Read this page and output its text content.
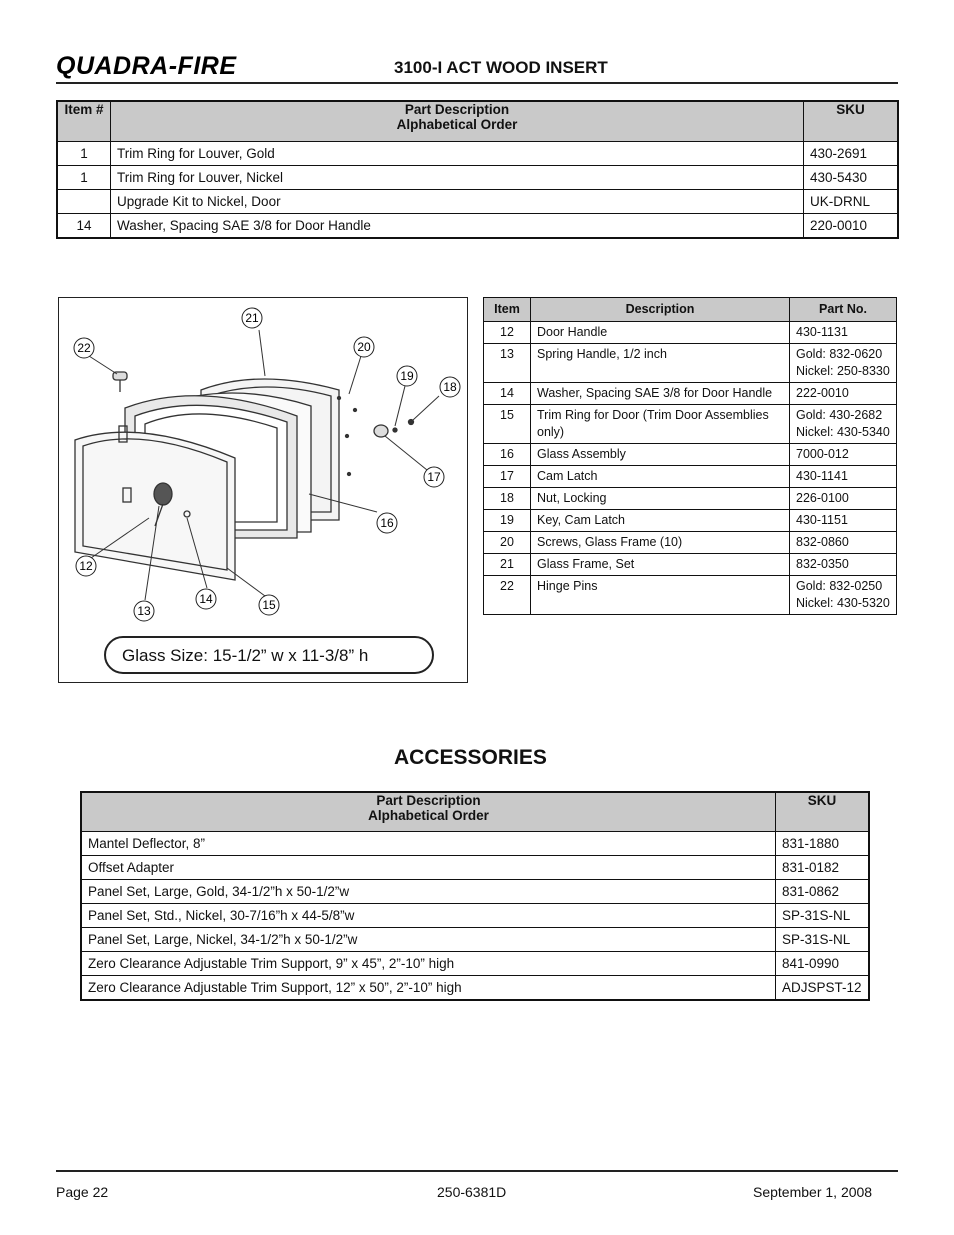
QUADRA-FIRE	3100-I ACT WOOD INSERT
Item #	Part Description
Alphabetical Order	SKU
1	Trim Ring for Louver, Gold	430-2691
1	Trim Ring for Louver, Nickel	430-5430
	Upgrade Kit to Nickel, Door	UK-DRNL
14	Washer, Spacing SAE 3/8 for Door Handle	220-0010
21
22	20
19
18
17
16
12
13
14	15
Glass Size: 15-1/2” w x 11-3/8” h
Item	Description	Part No.
12	Door Handle	430-1131

13	Spring Handle, 1/2 inch	Gold: 832-0620
Nickel: 250-8330

14	Washer, Spacing SAE 3/8 for Door Handle	222-0010

15	Trim Ring for Door (Trim Door Assemblies only)	Gold: 430-2682
Nickel: 430-5340

16	Glass Assembly	7000-012

17	Cam Latch	430-1141

18	Nut, Locking	226-0100

19	Key, Cam Latch	430-1151

20	Screws, Glass Frame (10)	832-0860

21	Glass Frame, Set	832-0350

22	Hinge Pins	Gold: 832-0250
Nickel: 430-5320
ACCESSORIES
Part Description
Alphabetical Order	SKU
Mantel Deflector, 8”	831-1880
Offset Adapter	831-0182
Panel Set, Large, Gold, 34-1/2”h x 50-1/2”w	831-0862
Panel Set, Std., Nickel, 30-7/16”h x 44-5/8”w	SP-31S-NL
Panel Set, Large, Nickel, 34-1/2”h x 50-1/2”w	SP-31S-NL
Zero Clearance Adjustable Trim Support, 9” x 45”, 2”-10” high	841-0990
Zero Clearance Adjustable Trim Support, 12” x 50”, 2”-10” high	ADJSPST-12
Page 22	250-6381D	September 1, 2008
